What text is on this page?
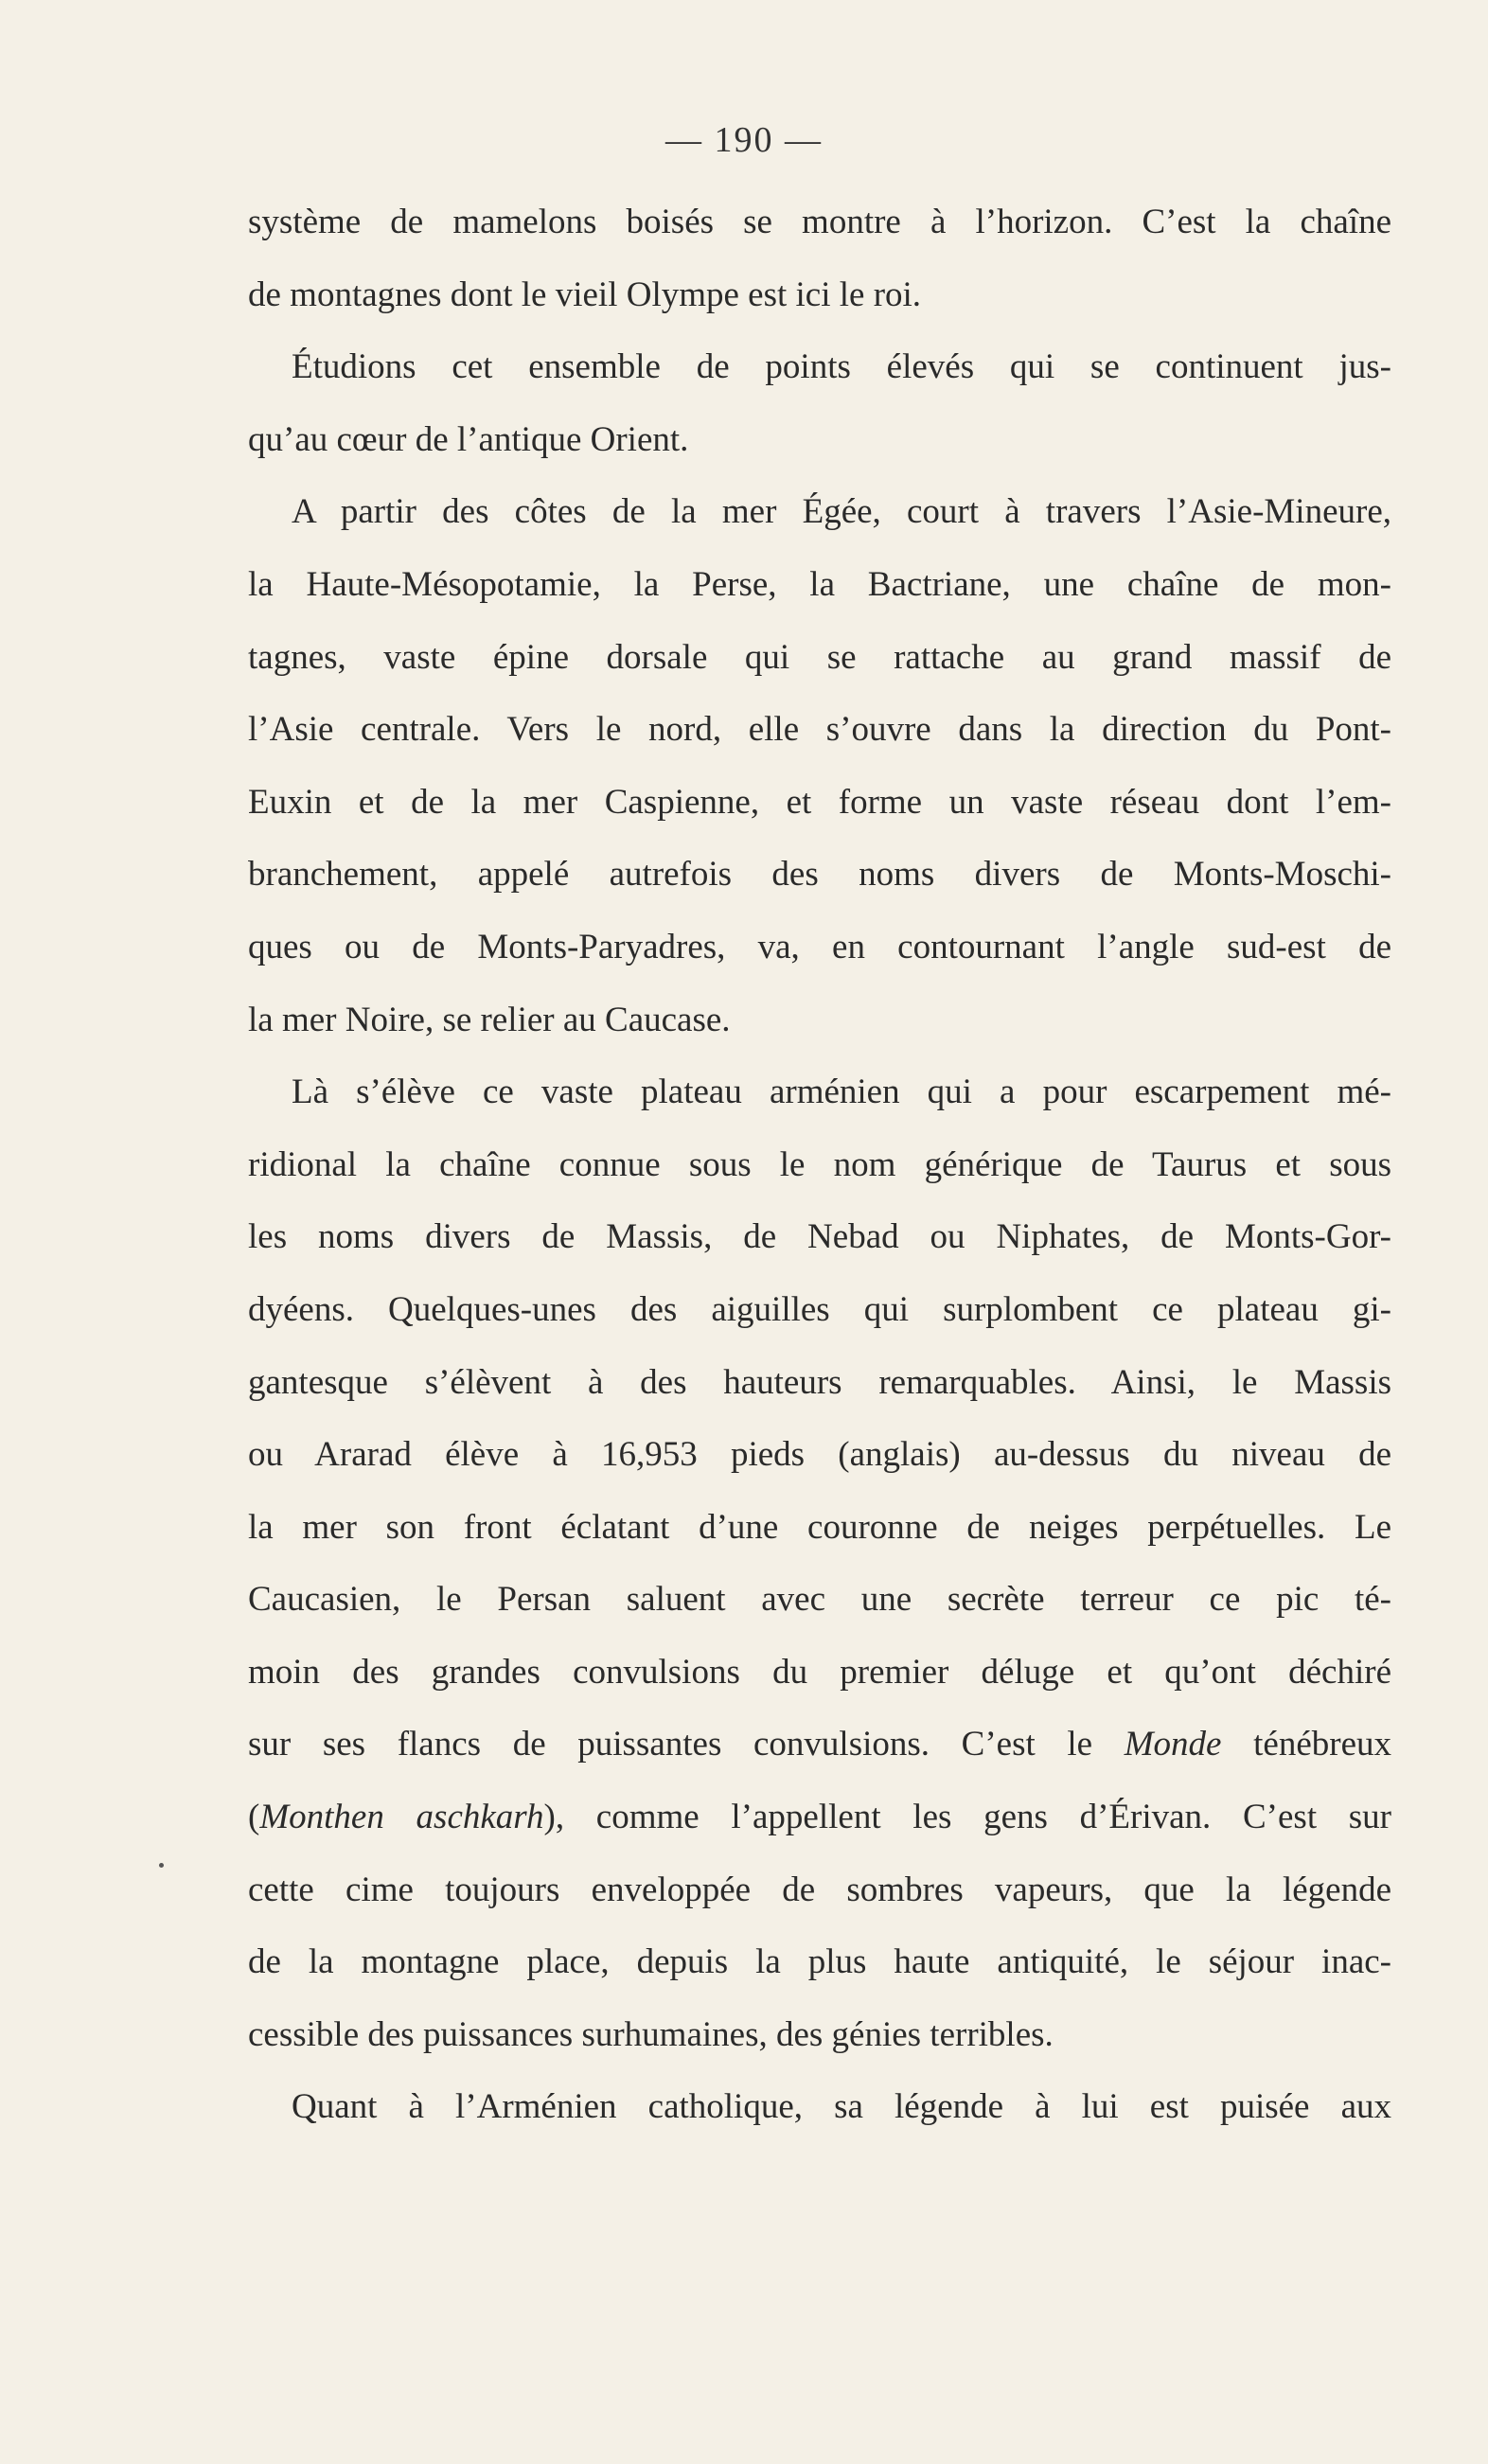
— 190 —
système de mamelons boisés se montre à l’horizon. C’est la chaîne
de montagnes dont le vieil Olympe est ici le roi.
Étudions cet ensemble de points élevés qui se continuent jus-
qu’au cœur de l’antique Orient.
A partir des côtes de la mer Égée, court à travers l’Asie-Mineure,
la Haute-Mésopotamie, la Perse, la Bactriane, une chaîne de mon-
tagnes, vaste épine dorsale qui se rattache au grand massif de
l’Asie centrale. Vers le nord, elle s’ouvre dans la direction du Pont-
Euxin et de la mer Caspienne, et forme un vaste réseau dont l’em-
branchement, appelé autrefois des noms divers de Monts-Moschi-
ques ou de Monts-Paryadres, va, en contournant l’angle sud-est de
la mer Noire, se relier au Caucase.
Là s’élève ce vaste plateau arménien qui a pour escarpement mé-
ridional la chaîne connue sous le nom générique de Taurus et sous
les noms divers de Massis, de Nebad ou Niphates, de Monts-Gor-
dyéens. Quelques-unes des aiguilles qui surplombent ce plateau gi-
gantesque s’élèvent à des hauteurs remarquables. Ainsi, le Massis
ou Ararad élève à 16,953 pieds (anglais) au-dessus du niveau de
la mer son front éclatant d’une couronne de neiges perpétuelles. Le
Caucasien, le Persan saluent avec une secrète terreur ce pic té-
moin des grandes convulsions du premier déluge et qu’ont déchiré
sur ses flancs de puissantes convulsions. C’est le Monde ténébreux
(Monthen aschkarh), comme l’appellent les gens d’Érivan. C’est sur
cette cime toujours enveloppée de sombres vapeurs, que la légende
de la montagne place, depuis la plus haute antiquité, le séjour inac-
cessible des puissances surhumaines, des génies terribles.
Quant à l’Arménien catholique, sa légende à lui est puisée aux
